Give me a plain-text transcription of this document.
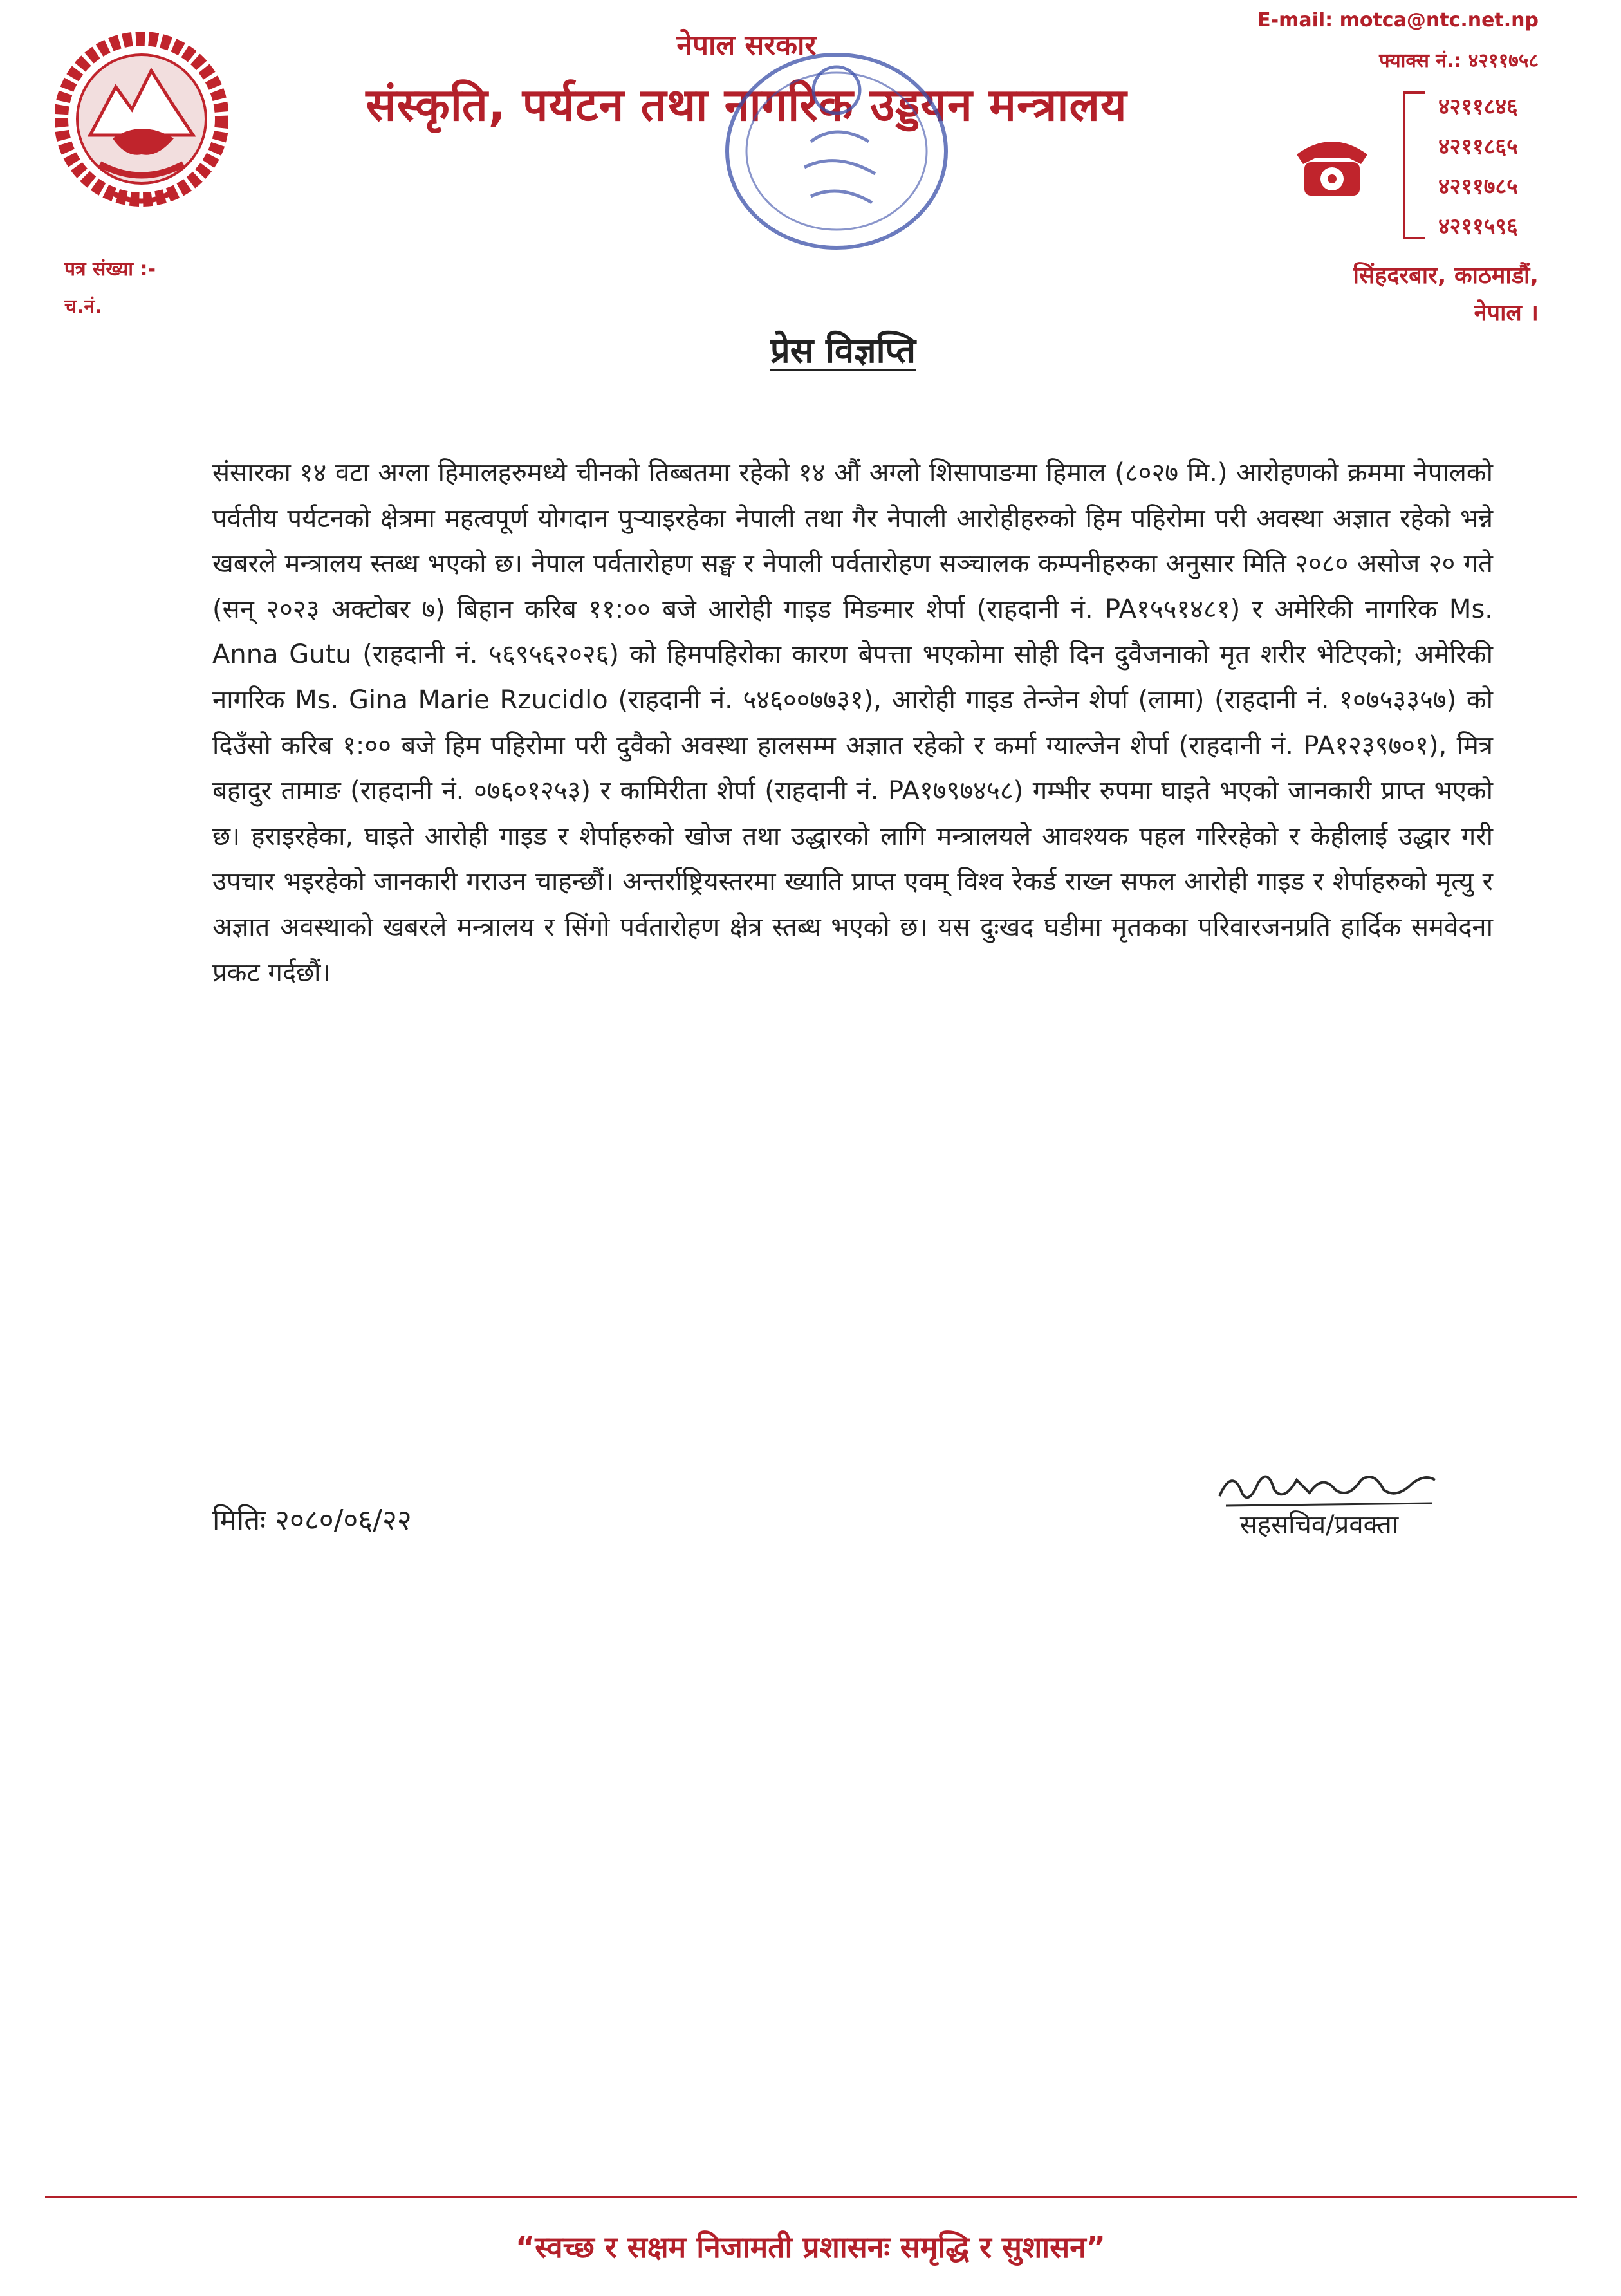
नेपाल सरकार
संस्कृति, पर्यटन तथा नागरिक उड्डयन मन्त्रालय
E-mail: motca@ntc.net.np
फ्याक्स नं.: ४२११७५८
४२११८४६
४२११८६५
४२११७८५
४२११५९६
सिंहदरबार, काठमाडौं,
नेपाल ।
पत्र संख्या :-
च.नं.
प्रेस विज्ञप्ति
संसारका १४ वटा अग्ला हिमालहरुमध्ये चीनको तिब्बतमा रहेको १४ औं अग्लो शिसापाङमा हिमाल (८०२७ मि.) आरोहणको क्रममा नेपालको पर्वतीय पर्यटनको क्षेत्रमा महत्वपूर्ण योगदान पुऱ्याइरहेका नेपाली तथा गैर नेपाली आरोहीहरुको हिम पहिरोमा परी अवस्था अज्ञात रहेको भन्ने खबरले मन्त्रालय स्तब्ध भएको छ। नेपाल पर्वतारोहण सङ्घ र नेपाली पर्वतारोहण सञ्चालक कम्पनीहरुका अनुसार मिति २०८० असोज २० गते (सन् २०२३ अक्टोबर ७) बिहान करिब ११:०० बजे आरोही गाइड मिङमार शेर्पा (राहदानी नं. PA१५५१४८१) र अमेरिकी नागरिक Ms. Anna Gutu (राहदानी नं. ५६९५६२०२६) को हिमपहिरोका कारण बेपत्ता भएकोमा सोही दिन दुवैजनाको मृत शरीर भेटिएको; अमेरिकी नागरिक Ms. Gina Marie Rzucidlo (राहदानी नं. ५४६००७७३१), आरोही गाइड तेन्जेन शेर्पा (लामा) (राहदानी नं. १०७५३३५७) को दिउँसो करिब १:०० बजे हिम पहिरोमा परी दुवैको अवस्था हालसम्म अज्ञात रहेको र कर्मा ग्याल्जेन शेर्पा (राहदानी नं. PA१२३९७०१), मित्र बहादुर तामाङ (राहदानी नं. ०७६०१२५३) र कामिरीता शेर्पा (राहदानी नं. PA१७९७४५८) गम्भीर रुपमा घाइते भएको जानकारी प्राप्त भएको छ। हराइरहेका, घाइते आरोही गाइड र शेर्पाहरुको खोज तथा उद्धारको लागि मन्त्रालयले आवश्यक पहल गरिरहेको र केहीलाई उद्धार गरी उपचार भइरहेको जानकारी गराउन चाहन्छौं। अन्तर्राष्ट्रियस्तरमा ख्याति प्राप्त एवम् विश्व रेकर्ड राख्न सफल आरोही गाइड र शेर्पाहरुको मृत्यु र अज्ञात अवस्थाको खबरले मन्त्रालय र सिंगो पर्वतारोहण क्षेत्र स्तब्ध भएको छ। यस दुःखद घडीमा मृतकका परिवारजनप्रति हार्दिक समवेदना प्रकट गर्दछौं।
मितिः २०८०/०६/२२	सहसचिव/प्रवक्ता
“स्वच्छ र सक्षम निजामती प्रशासनः समृद्धि र सुशासन”
